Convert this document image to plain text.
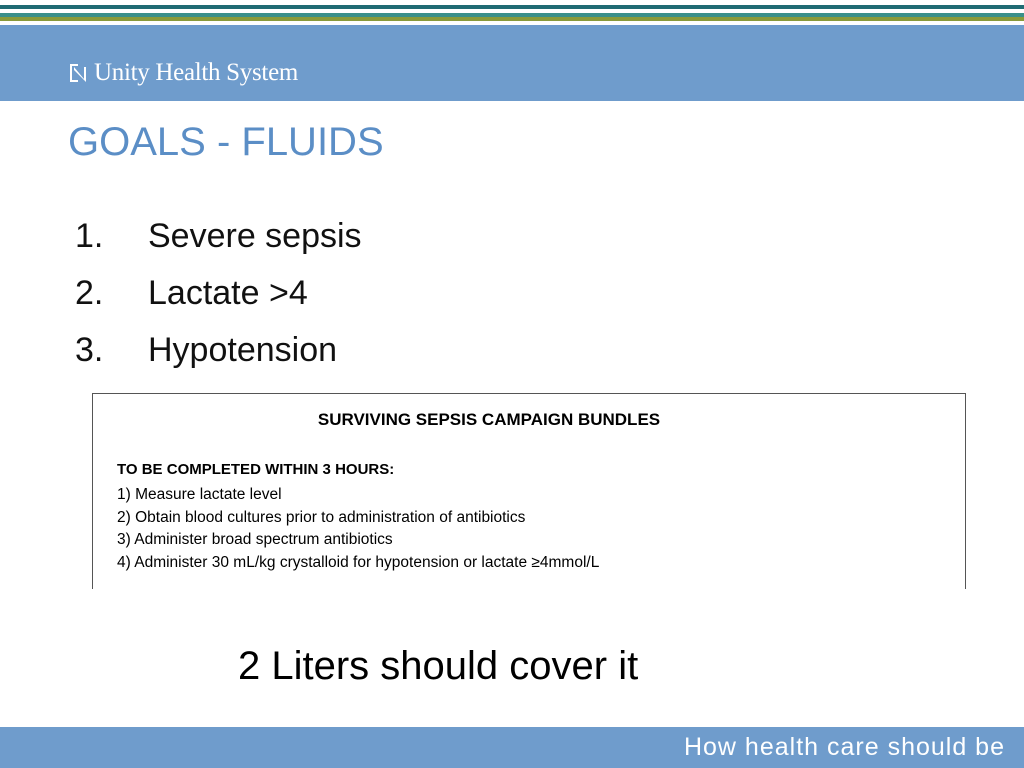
Unity Health System
GOALS - FLUIDS
1.	Severe sepsis
2.	Lactate >4
3.	Hypotension
SURVIVING SEPSIS CAMPAIGN BUNDLES
TO BE COMPLETED WITHIN 3 HOURS:
1) Measure lactate level
2) Obtain blood cultures prior to administration of antibiotics
3) Administer broad spectrum antibiotics
4) Administer 30 mL/kg crystalloid for hypotension or lactate ≥4mmol/L
2 Liters should cover it
How health care should be
